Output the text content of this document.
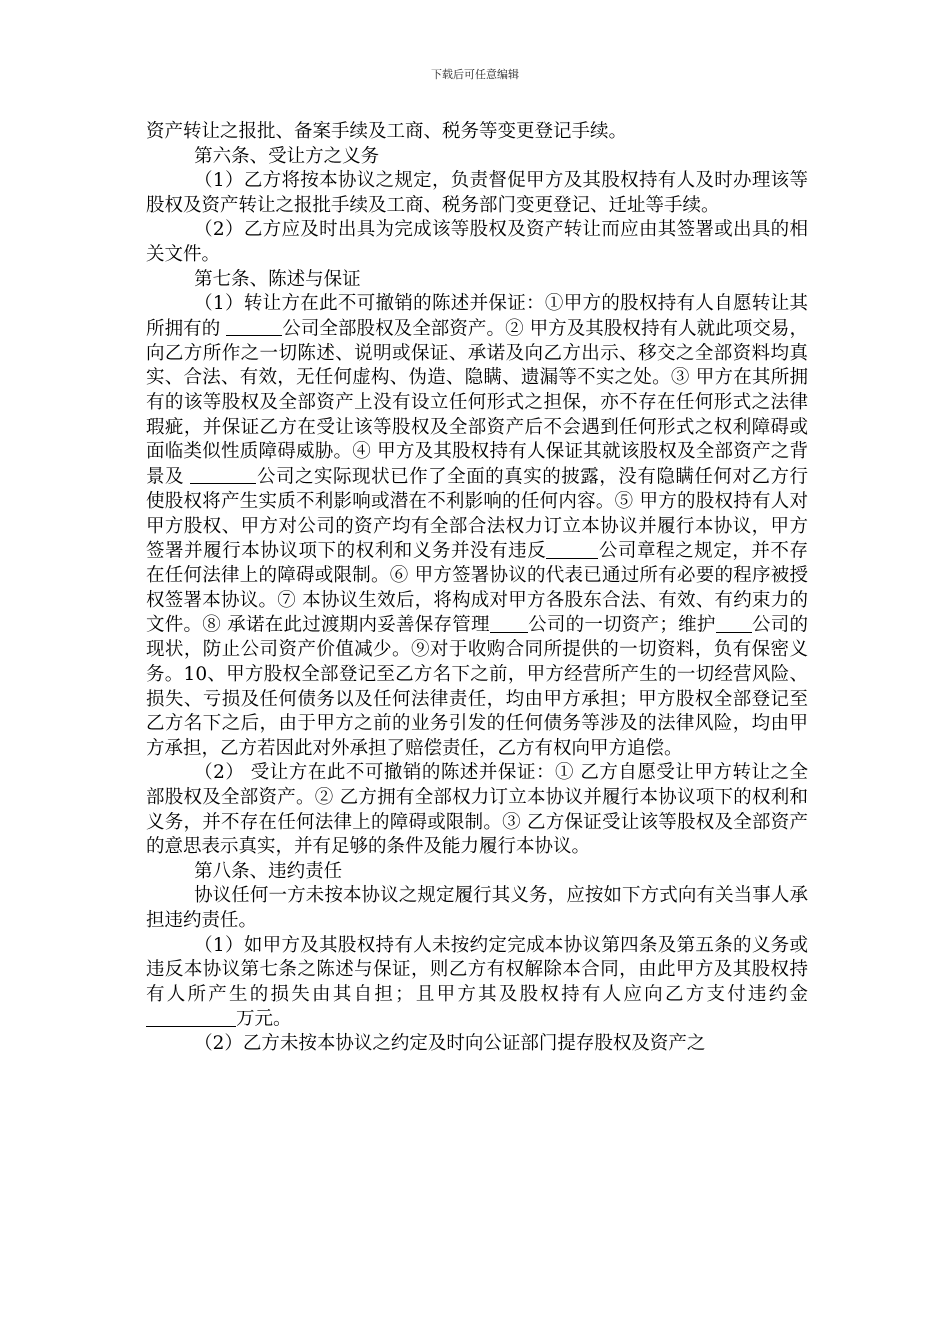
下载后可任意编辑

资产转让之报批、备案手续及工商、税务等变更登记手续。

第六条、受让方之义务

（1）乙方将按本协议之规定，负责督促甲方及其股权持有人及时办理该等股权及资产转让之报批手续及工商、税务部门变更登记、迁址等手续。

（2）乙方应及时出具为完成该等股权及资产转让而应由其签署或出具的相关文件。

第七条、陈述与保证

（1）转让方在此不可撤销的陈述并保证：①甲方的股权持有人自愿转让其所拥有的	公司全部股权及全部资产。② 甲方及其股权持有人就此项交易，向乙方所作之一切陈述、说明或保证、承诺及向乙方出示、移交之全部资料均真实、合法、有效，无任何虚构、伪造、隐瞒、遗漏等不实之处。③ 甲方在其所拥有的该等股权及全部资产上没有设立任何形式之担保，亦不存在任何形式之法律瑕疵，并保证乙方在受让该等股权及全部资产后不会遇到任何形式之权利障碍或面临类似性质障碍威胁。④ 甲方及其股权持有人保证其就该股权及全部资产之背景及	公司之实际现状已作了全面的真实的披露，没有隐瞒任何对乙方行使股权将产生实质不利影响或潜在不利影响的任何内容。⑤ 甲方的股权持有人对甲方股权、甲方对公司的资产均有全部合法权力订立本协议并履行本协议，甲方签署并履行本协议项下的权利和义务并没有违反	公司章程之规定，并不存在任何法律上的障碍或限制。⑥ 甲方签署协议的代表已通过所有必要的程序被授权签署本协议。⑦ 本协议生效后，将构成对甲方各股东合法、有效、有约束力的文件。⑧ 承诺在此过渡期内妥善保存管理 公司的一切资产；维护 公司的现状，防止公司资产价值减少。⑨对于收购合同所提供的一切资料，负有保密义务。10、甲方股权全部登记至乙方名下之前，甲方经营所产生的一切经营风险、损失、亏损及任何债务以及任何法律责任，均由甲方承担；甲方股权全部登记至乙方名下之后，由于甲方之前的业务引发的任何债务等涉及的法律风险，均由甲方承担，乙方若因此对外承担了赔偿责任，乙方有权向甲方追偿。

（2） 受让方在此不可撤销的陈述并保证：① 乙方自愿受让甲方转让之全部股权及全部资产。② 乙方拥有全部权力订立本协议并履行本协议项下的权利和义务，并不存在任何法律上的障碍或限制。③ 乙方保证受让该等股权及全部资产的意思表示真实，并有足够的条件及能力履行本协议。

第八条、违约责任

协议任何一方未按本协议之规定履行其义务，应按如下方式向有关当事人承担违约责任。

（1）如甲方及其股权持有人未按约定完成本协议第四条及第五条的义务或违反本协议第七条之陈述与保证，则乙方有权解除本合同，由此甲方及其股权持有人所产生的损失由其自担；且甲方其及股权持有人应向乙方支付违约金万元。

（2）乙方未按本协议之约定及时向公证部门提存股权及资产之
